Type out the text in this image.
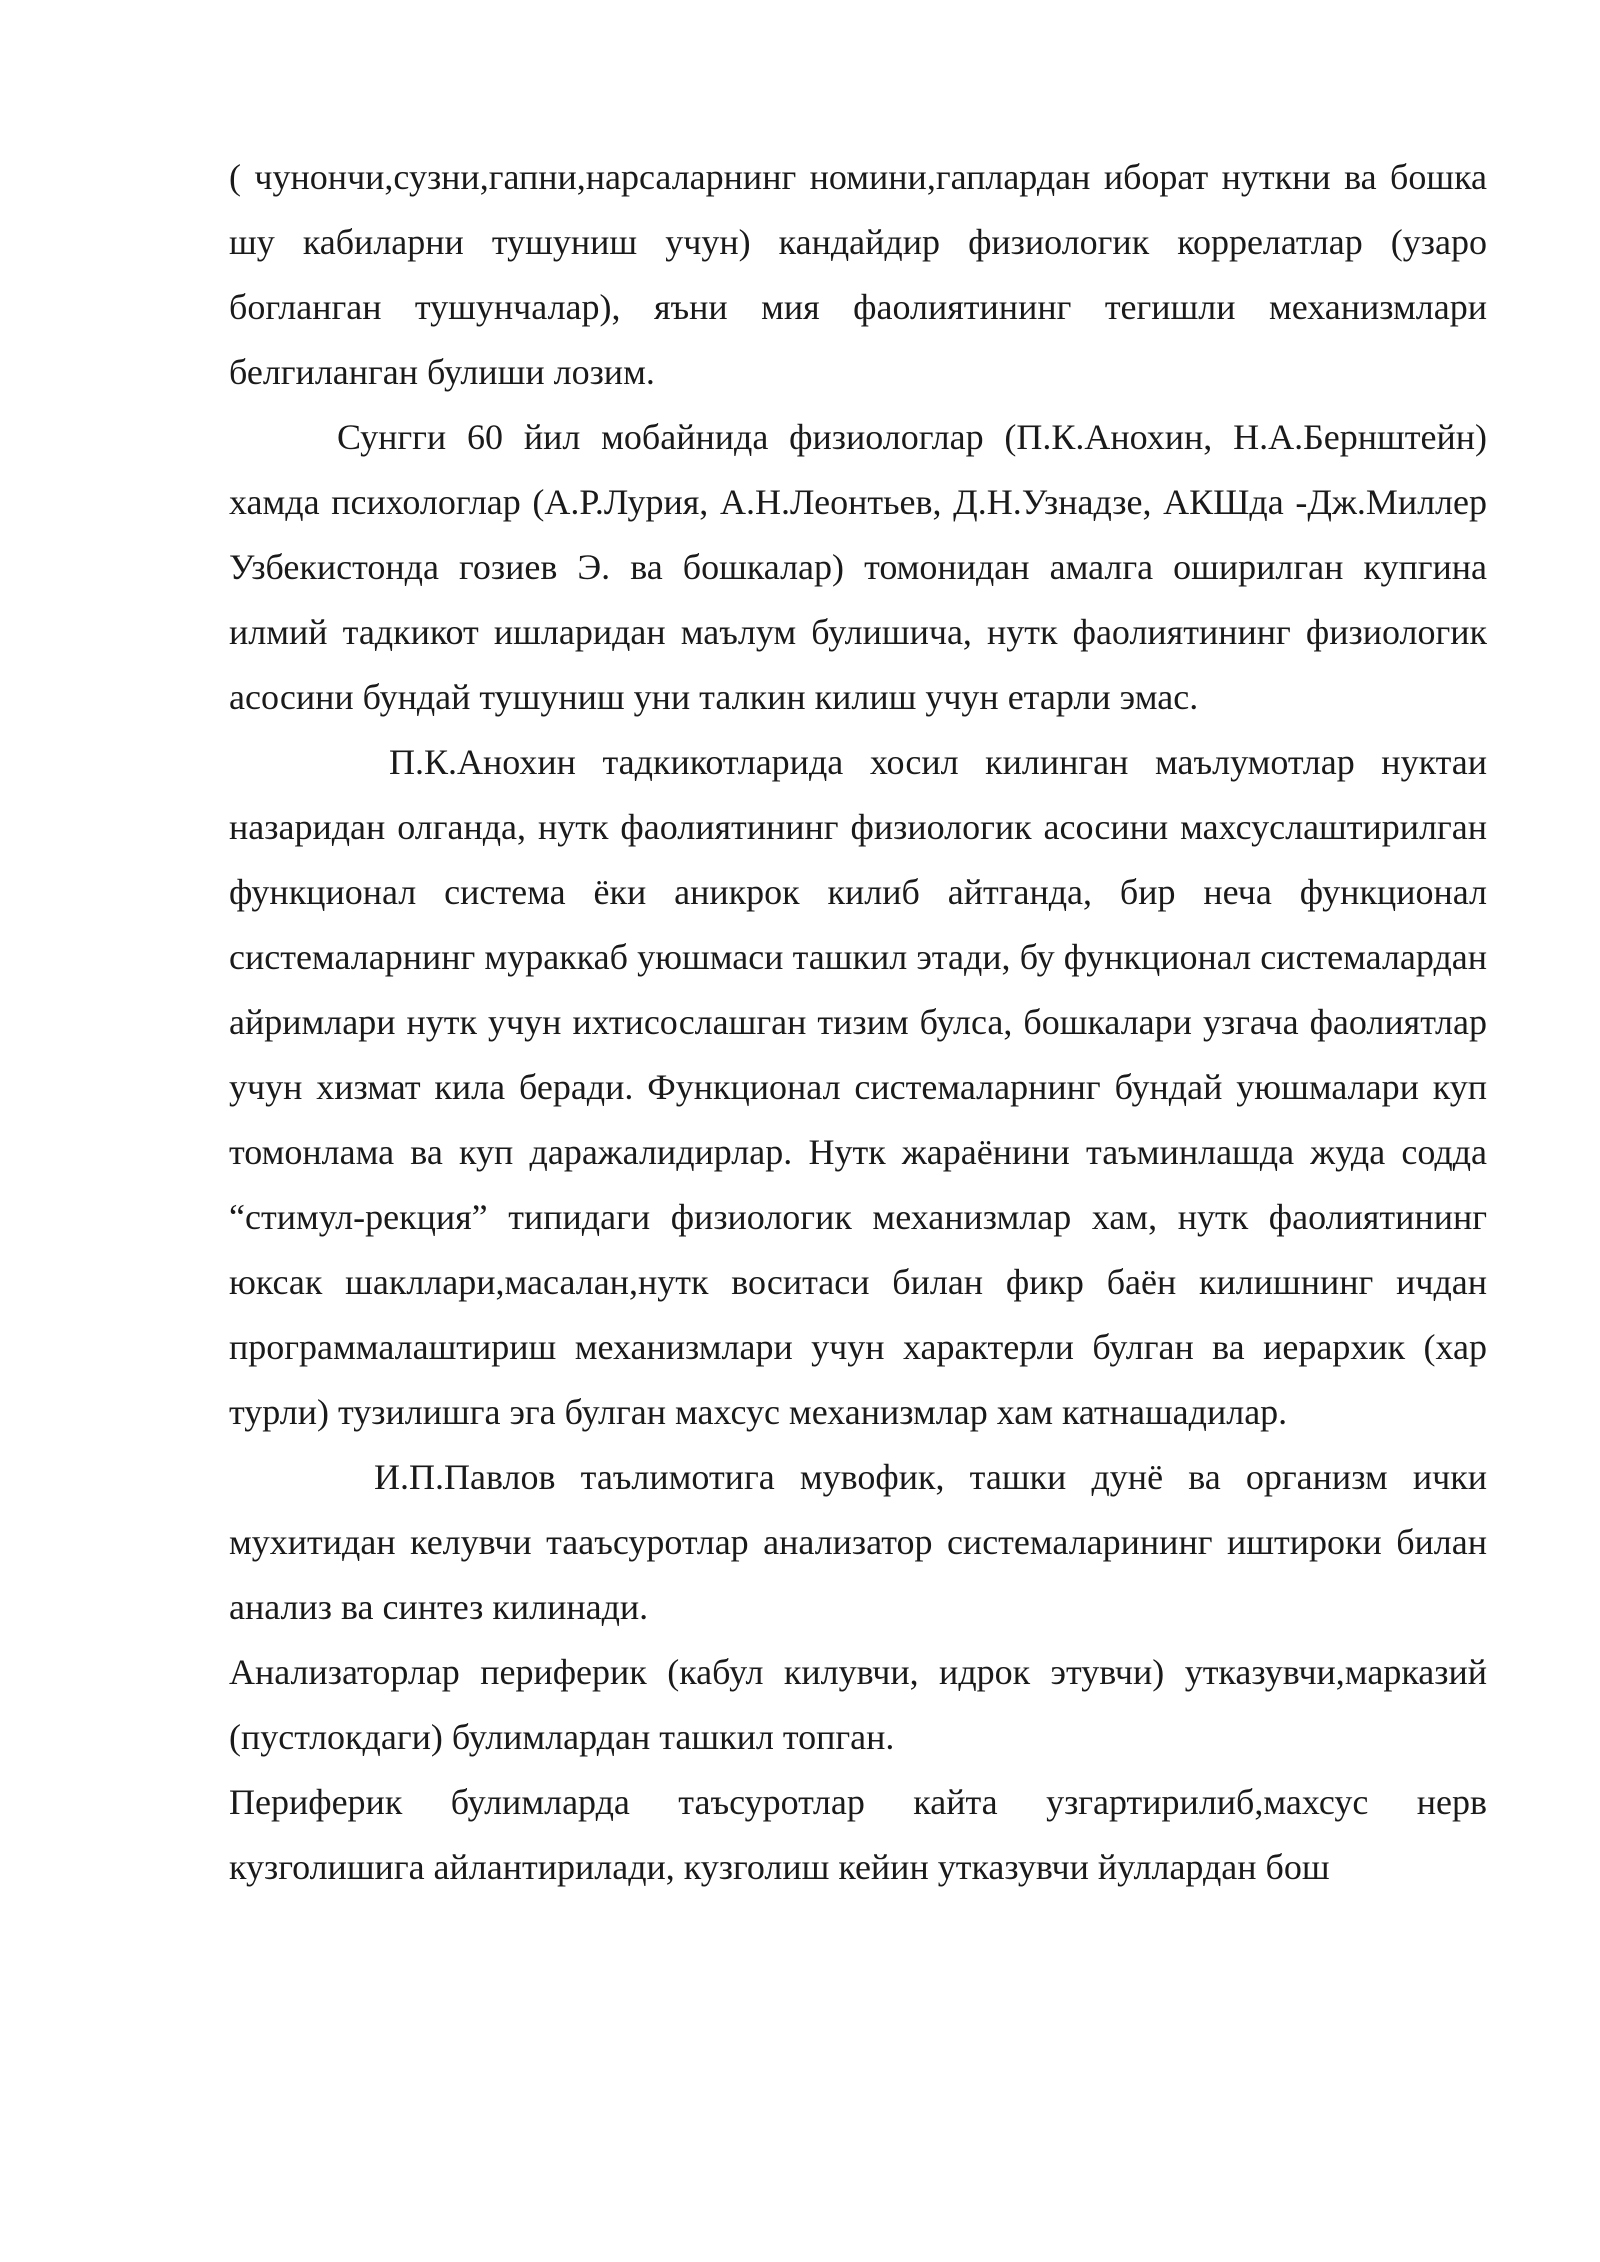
( чунончи,сузни,гапни,нарсаларнинг номини,гаплардан иборат нуткни ва бошка шу кабиларни тушуниш учун) кандайдир физиологик коррелатлар (узаро богланган тушунчалар), яъни мия фаолиятининг тегишли механизмлари белгиланган булиши лозим.

Сунгги 60 йил мобайнида физиологлар (П.К.Анохин, Н.А.Бернштейн) хамда психологлар (А.Р.Лурия, А.Н.Леонтьев, Д.Н.Узнадзе, АКШда -Дж.Миллер Узбекистонда гозиев Э. ва бошкалар) томонидан амалга оширилган купгина илмий тадкикот ишларидан маълум булишича, нутк фаолиятининг физиологик асосини бундай тушуниш уни талкин килиш учун етарли эмас.

П.К.Анохин тадкикотларида хосил килинган маълумотлар нуктаи назаридан олганда, нутк фаолиятининг физиологик асосини махсуслаштирилган функционал система ёки аникрок килиб айтганда, бир неча функционал системаларнинг мураккаб уюшмаси ташкил этади, бу функционал системалардан айримлари нутк учун ихтисослашган тизим булса, бошкалари узгача фаолиятлар учун хизмат кила беради. Функционал системаларнинг бундай уюшмалари куп томонлама ва куп даражалидирлар. Нутк жараёнини таъминлашда жуда содда “стимул-рекция” типидаги физиологик механизмлар хам, нутк фаолиятининг юксак шакллари,масалан,нутк воситаси билан фикр баён килишнинг ичдан программалаштириш механизмлари учун характерли булган ва иерархик (хар турли) тузилишга эга булган махсус механизмлар хам катнашадилар.

И.П.Павлов таълимотига мувофик, ташки дунё ва организм ички мухитидан келувчи тааъсуротлар анализатор системаларининг иштироки билан анализ ва синтез килинади.

Анализаторлар периферик (кабул килувчи, идрок этувчи) утказувчи,марказий (пустлокдаги) булимлардан ташкил топган.

Периферик булимларда таъсуротлар кайта узгартирилиб,махсус нерв кузголишига айлантирилади, кузголиш кейин утказувчи йуллардан бош
